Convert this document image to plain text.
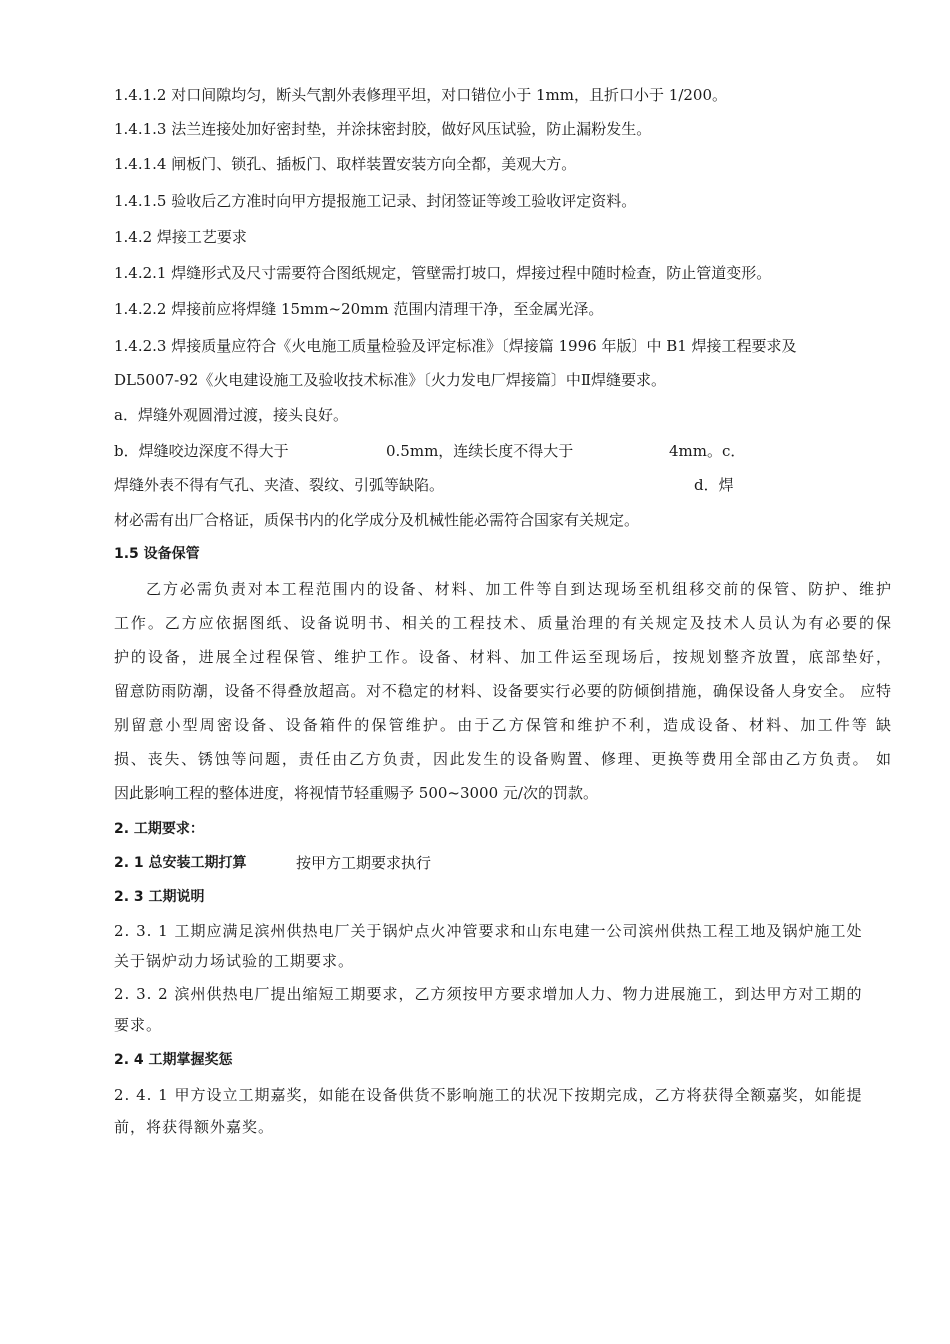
1.4.1.2 对口间隙均匀，断头气割外表修理平坦，对口错位小于 1mm，且折口小于 1/200。

1.4.1.3 法兰连接处加好密封垫，并涂抹密封胶，做好风压试验，防止漏粉发生。

1.4.1.4 闸板门、锁孔、插板门、取样装置安装方向全都，美观大方。

1.4.1.5 验收后乙方准时向甲方提报施工记录、封闭签证等竣工验收评定资料。

1.4.2 焊接工艺要求

1.4.2.1 焊缝形式及尺寸需要符合图纸规定，管壁需打坡口，焊接过程中随时检查，防止管道变形。

1.4.2.2 焊接前应将焊缝 15mm~20mm 范围内清理干净，至金属光泽。

1.4.2.3 焊接质量应符合《火电施工质量检验及评定标准》〔焊接篇 1996 年版〕中 B1 焊接工程要求及

DL5007-92《火电建设施工及验收技术标准》〔火力发电厂焊接篇〕中Ⅱ焊缝要求。

a．焊缝外观圆滑过渡，接头良好。

b．焊缝咬边深度不得大于	0.5mm，连续长度不得大于	4mm。c．

焊缝外表不得有气孔、夹渣、裂纹、引弧等缺陷。	d．焊

材必需有出厂合格证，质保书内的化学成分及机械性能必需符合国家有关规定。

1.5 设备保管

乙方必需负责对本工程范围内的设备、材料、加工件等自到达现场至机组移交前的保管、防护、维护

工作。乙方应依据图纸、设备说明书、相关的工程技术、质量治理的有关规定及技术人员认为有必要的保

护的设备，进展全过程保管、维护工作。设备、材料、加工件运至现场后，按规划整齐放置，底部垫好，

留意防雨防潮，设备不得叠放超高。对不稳定的材料、设备要实行必要的防倾倒措施，确保设备人身安全。 应特

别留意小型周密设备、设备箱件的保管维护。由于乙方保管和维护不利，造成设备、材料、加工件等 缺

损、丧失、锈蚀等问题，责任由乙方负责，因此发生的设备购置、修理、更换等费用全部由乙方负责。 如

因此影响工程的整体进度，将视情节轻重赐予 500~3000 元/次的罚款。

2. 工期要求：

2. 1 总安装工期打算	按甲方工期要求执行

2. 3 工期说明

2. 3. 1 工期应满足滨州供热电厂关于锅炉点火冲管要求和山东电建一公司滨州供热工程工地及锅炉施工处

关于锅炉动力场试验的工期要求。

2. 3. 2 滨州供热电厂提出缩短工期要求，乙方须按甲方要求增加人力、物力进展施工，到达甲方对工期的

要求。

2. 4 工期掌握奖惩

2. 4. 1 甲方设立工期嘉奖，如能在设备供货不影响施工的状况下按期完成，乙方将获得全额嘉奖，如能提

前，将获得额外嘉奖。
